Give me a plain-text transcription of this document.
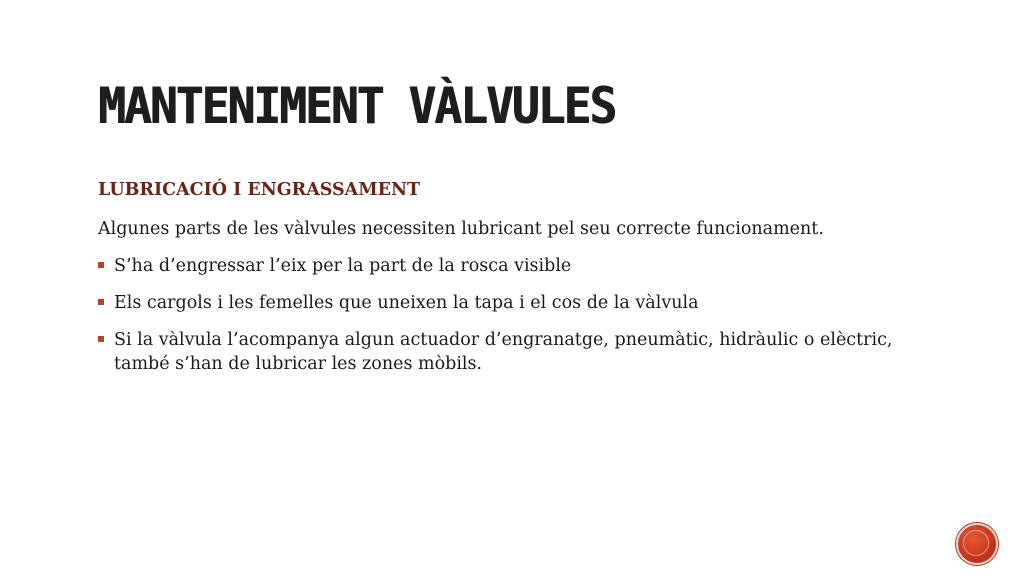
MANTENIMENT VÀLVULES

LUBRICACIÓ I ENGRASSAMENT

Algunes parts de les vàlvules necessiten lubricant pel seu correcte funcionament.

S’ha d’engressar l’eix per la part de la rosca visible
Els cargols i les femelles que uneixen la tapa i el cos de la vàlvula
Si la vàlvula l’acompanya algun actuador d’engranatge, pneumàtic, hidràulic o elèctric, també s’han de lubricar les zones mòbils.
